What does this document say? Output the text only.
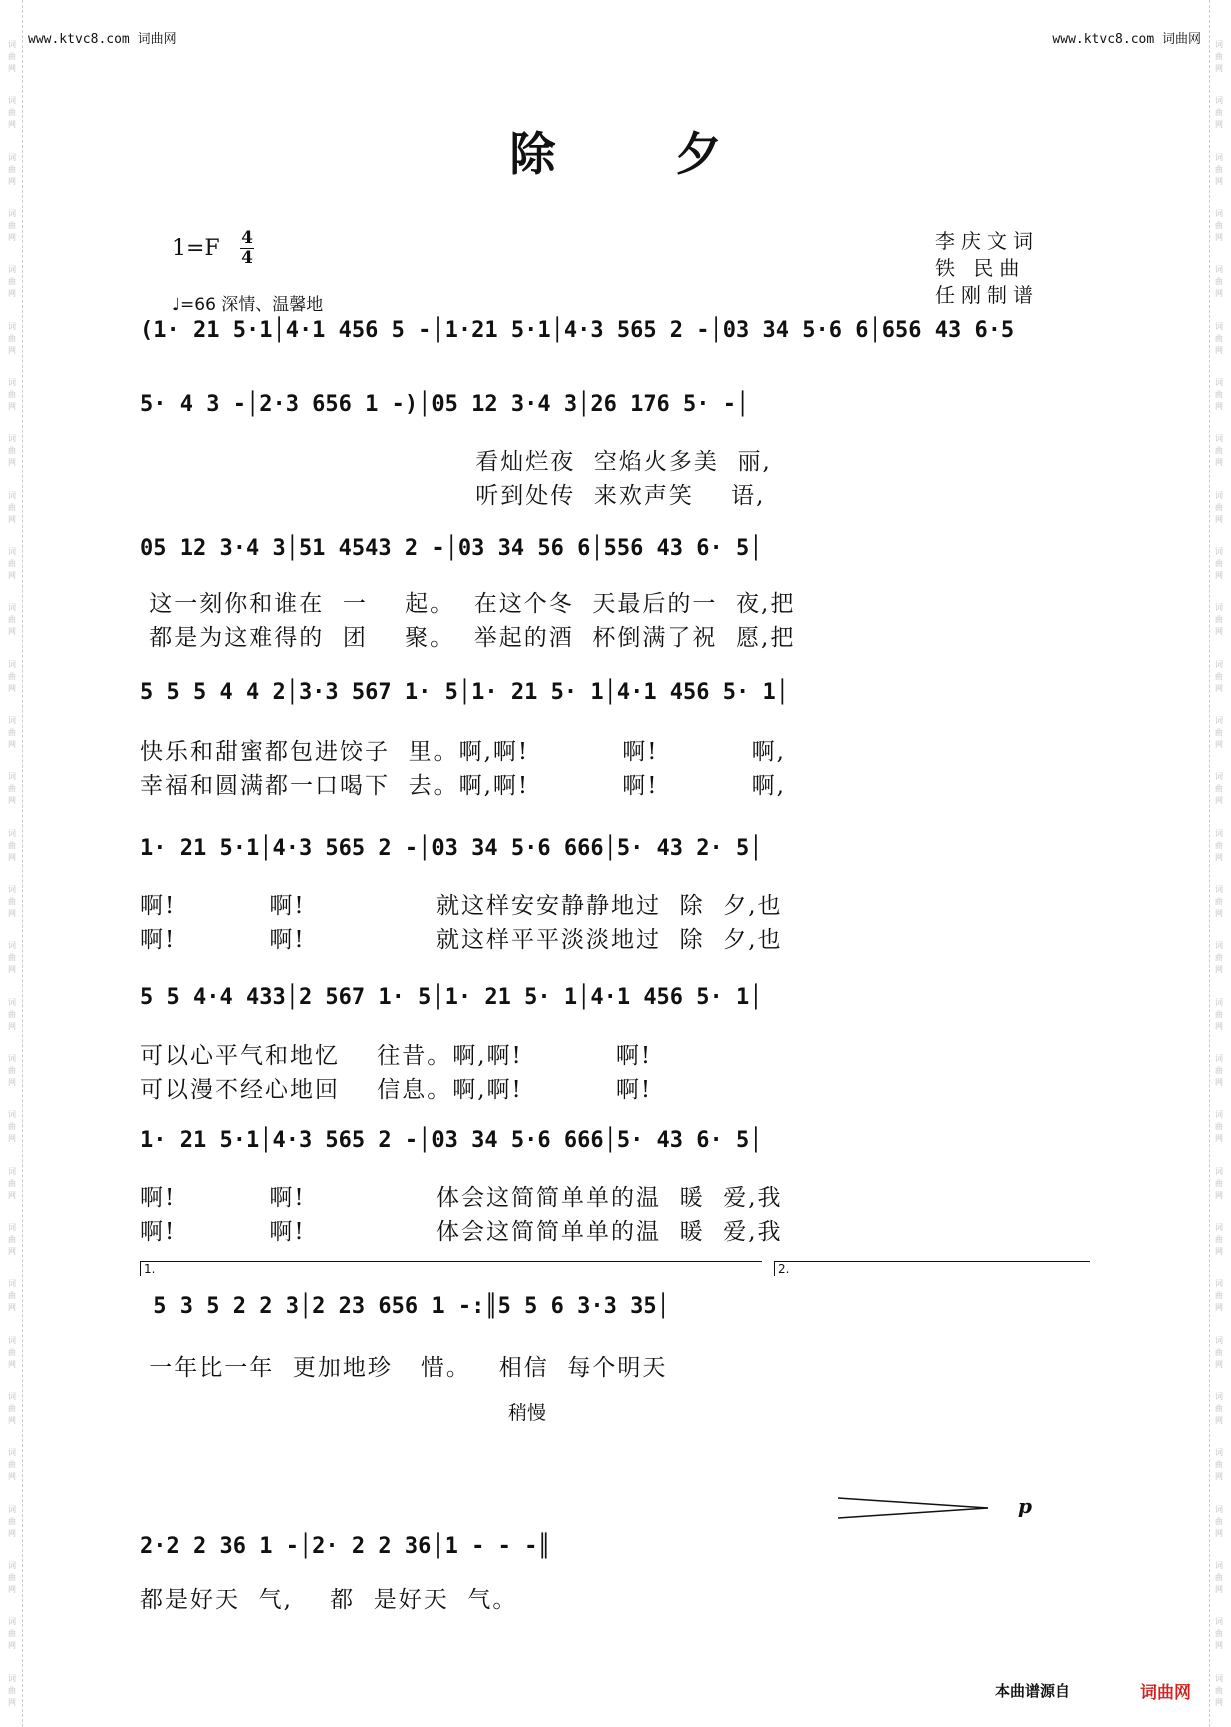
词
曲
网
词
曲
网
词
曲
网
词
曲
网
词
曲
网
词
曲
网
词
曲
网
词
曲
网
词
曲
网
词
曲
网
词
曲
网
词
曲
网
词
曲
网
词
曲
网
词
曲
网
词
曲
网
词
曲
网
词
曲
网
词
曲
网
词
曲
网
词
曲
网
词
曲
网
词
曲
网
词
曲
网
词
曲
网
词
曲
网
词
曲
网
词
曲
网
词
曲
网
词
曲
网
词
曲
网
词
曲
网
词
曲
网
词
曲
网
词
曲
网
词
曲
网
词
曲
网
词
曲
网
词
曲
网
词
曲
网
词
曲
网
词
曲
网
词
曲
网
词
曲
网
词
曲
网
词
曲
网
词
曲
网
词
曲
网
词
曲
网
词
曲
网
词
曲
网
词
曲
网
词
曲
网
词
曲
网
词
曲
网
词
曲
网
词
曲
网
词
曲
网
词
曲
网
词
曲
网
www.ktvc8.com 词曲网	www.ktvc8.com 词曲网
除夕
1=F 4
4
♩=66 深情、温馨地
李庆文词
铁 民曲
任刚制谱
(1· 21 5·1│4·1 456 5 -│1·21 5·1│4·3 565 2 -│03 34 5·6 6│656 43 6·5
5· 4 3 -│2·3 656 1 -)│05 12 3·4 3│26 176 5· -│
看灿烂夜  空焰火多美  丽,
听到处传  来欢声笑    语,
05 12 3·4 3│51 4543 2 -│03 34 56 6│556 43 6· 5│
这一刻你和谁在  一    起。  在这个冬  天最后的一  夜,把
都是为这难得的  团    聚。  举起的酒  杯倒满了祝  愿,把
5 5 5 4 4 2│3·3 567 1· 5│1· 21 5· 1│4·1 456 5· 1│
快乐和甜蜜都包进饺子  里。啊,啊!          啊!          啊,
幸福和圆满都一口喝下  去。啊,啊!          啊!          啊,
1· 21 5·1│4·3 565 2 -│03 34 5·6 666│5· 43 2· 5│
啊!          啊!              就这样安安静静地过  除  夕,也
啊!          啊!              就这样平平淡淡地过  除  夕,也
5 5 4·4 433│2 567 1· 5│1· 21 5· 1│4·1 456 5· 1│
可以心平气和地忆    往昔。啊,啊!          啊!
可以漫不经心地回    信息。啊,啊!          啊!
1· 21 5·1│4·3 565 2 -│03 34 5·6 666│5· 43 6· 5│
啊!          啊!              体会这简简单单的温  暖  爱,我
啊!          啊!              体会这简简单单的温  暖  爱,我
1.	2.
5 3 5 2 2 3│2 23 656 1 -:║5 5 6 3·3 35│
一年比一年  更加地珍   惜。   相信  每个明天
稍慢
p
2·2 2 36 1 -│2· 2 2 36│1 - - -║
都是好天  气,    都  是好天  气。
本曲谱源自	词曲网
